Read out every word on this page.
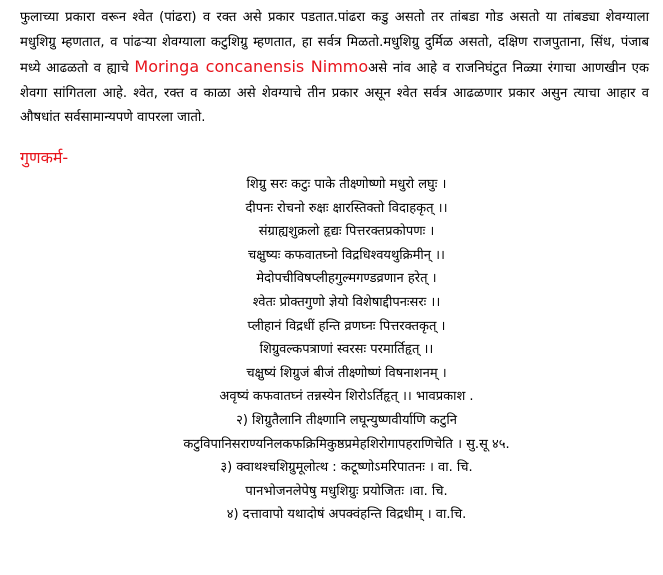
फुलाच्या प्रकारा वरून श्वेत (पांढरा) व रक्त असे प्रकार पडतात.पांढरा कडु असतो तर तांबडा गोड असतो या तांबड्या शेवग्याला मधुशिग्रु म्हणतात, व पांढऱ्या शेवग्याला कटुशिग्रु म्हणतात, हा सर्वत्र मिळतो.मधुशिग्रु दुर्मिळ असतो, दक्षिण राजपुताना, सिंध, पंजाब मध्ये आढळतो व ह्याचे Moringa concanensis Nimmoअसे नांव आहे व राजनिघंटुत निळ्या रंगाचा आणखीन एक शेवगा सांगितला आहे. श्वेत, रक्त व काळा असे शेवग्याचे तीन प्रकार असून श्वेत सर्वत्र आढळणार प्रकार असुन त्याचा आहार व औषधांत सर्वसामान्यपणे वापरला जातो.

गुणकर्म-
शिग्रु सरः कटुः पाके तीक्ष्णोष्णो मधुरो लघुः ।
दीपनः रोचनो रुक्षः क्षारस्तिक्तो विदाहकृत् ।।
संग्राह्यशुक्रलो हृद्यः पित्तरक्तप्रकोपणः ।
चक्षुष्यः कफवातघ्नो विद्रधिश्वयथुक्रिमीन् ।।
मेदोपचीविषप्लीहगुल्मगण्डव्रणान हरेत् ।
श्वेतः प्रोक्तगुणो ज्ञेयो विशेषाद्दीपनःसरः ।।
प्लीहानं विद्रधीं हन्ति व्रणघ्नः पित्तरक्तकृत् ।
शिग्रुवल्कपत्राणां स्वरसः परमार्तिहृत् ।।
चक्षुष्यं शिग्रुजं बीजं तीक्ष्णोष्णं विषनाशनम् ।
अवृष्यं कफवातघ्नं तन्नस्येन शिरोऽर्तिहृत् ।। भावप्रकाश .
२) शिग्रुतैलानि तीक्ष्णानि लघून्युष्णवीर्याणि कटुनि
कटुविपानिसराण्यनिलकफक्रिमिकुष्ठप्रमेहशिरोगापहराणिचेति । सु.सू ४५.
३) क्वाथश्चशिग्रुमूलोत्थ : कटूष्णोऽमरिपातनः । वा. चि.
पानभोजनलेपेषु मधुशिग्रुः प्रयोजितः ।वा. चि.
४) दत्तावापो यथादोषं अपक्वंहन्ति विद्रधीम् । वा.चि.
